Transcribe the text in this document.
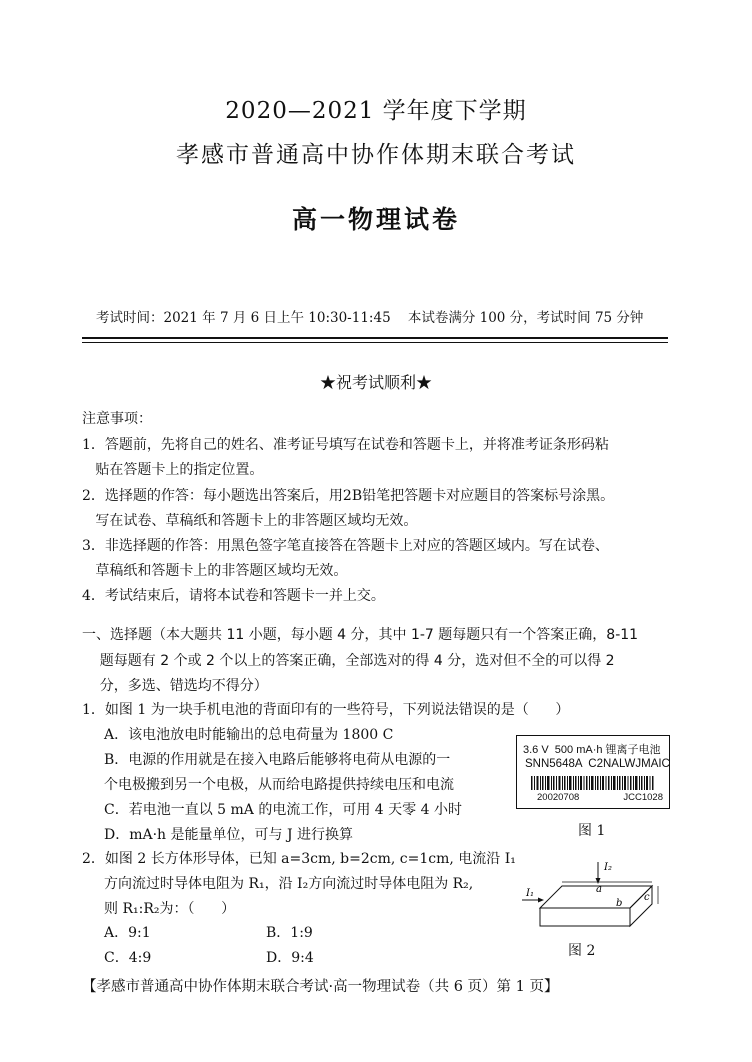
2020—2021 学年度下学期
孝感市普通高中协作体期末联合考试
高一物理试卷
考试时间：2021 年 7 月 6 日上午 10:30-11:45    本试卷满分 100 分，考试时间 75 分钟
★祝考试顺利★
注意事项：
1．答题前，先将自己的姓名、准考证号填写在试卷和答题卡上，并将准考证条形码粘
贴在答题卡上的指定位置。
2．选择题的作答：每小题选出答案后，用2B铅笔把答题卡对应题目的答案标号涂黑。
写在试卷、草稿纸和答题卡上的非答题区域均无效。
3．非选择题的作答：用黑色签字笔直接答在答题卡上对应的答题区域内。写在试卷、
草稿纸和答题卡上的非答题区域均无效。
4．考试结束后，请将本试卷和答题卡一并上交。
一、选择题（本大题共 11 小题，每小题 4 分，其中 1-7 题每题只有一个答案正确，8-11
题每题有 2 个或 2 个以上的答案正确，全部选对的得 4 分，选对但不全的可以得 2
分，多选、错选均不得分）
1．如图 1 为一块手机电池的背面印有的一些符号，下列说法错误的是（      ）
A．该电池放电时能输出的总电荷量为 1800 C
B．电源的作用就是在接入电路后能够将电荷从电源的一
个电极搬到另一个电极，从而给电路提供持续电压和电流
C．若电池一直以 5 mA 的电流工作，可用 4 天零 4 小时
D．mA·h 是能量单位，可与 J 进行换算
3.6 V  500 mA·h 锂离子电池
SNN5648A  C2NALWJMAIC
20020708	JCC1028
图 1
2．如图 2 长方体形导体，已知 a=3cm, b=2cm, c=1cm, 电流沿 I₁
方向流过时导体电阻为 R₁，沿 I₂方向流过时导体电阻为 R₂,
则 R₁:R₂为：（      ）
A．9:1	B．1:9
C．4:9	D．9:4
I₂
I₁	a
b
c
图 2
【孝感市普通高中协作体期末联合考试·高一物理试卷（共 6 页）第 1 页】
